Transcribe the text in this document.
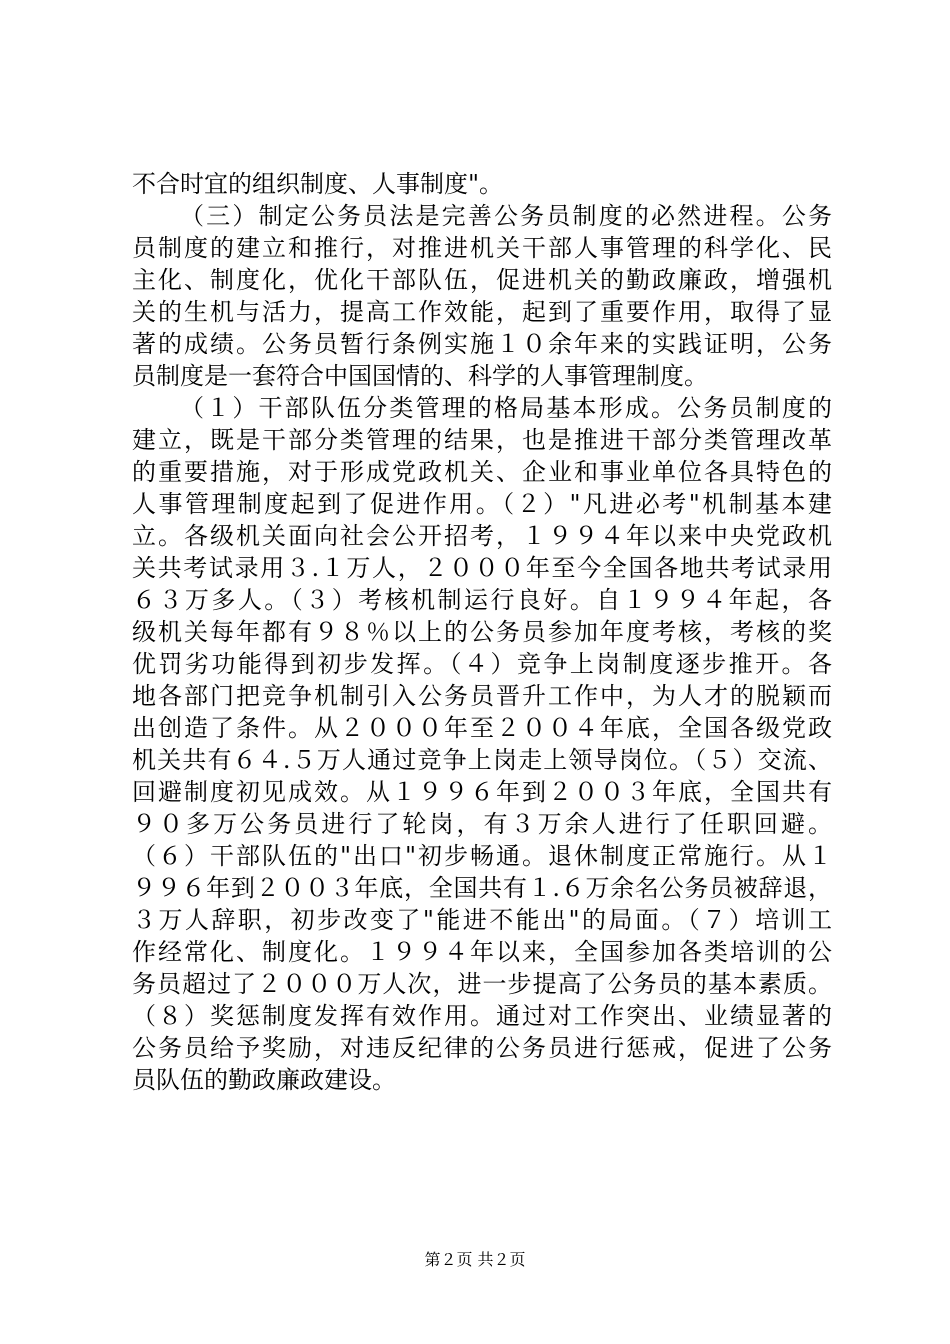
不合时宜的组织制度、人事制度"。
（三）制定公务员法是完善公务员制度的必然进程。公务
员制度的建立和推行，对推进机关干部人事管理的科学化、民
主化、制度化，优化干部队伍，促进机关的勤政廉政，增强机
关的生机与活力，提高工作效能，起到了重要作用，取得了显
著的成绩。公务员暂行条例实施１０余年来的实践证明，公务
员制度是一套符合中国国情的、科学的人事管理制度。
（１）干部队伍分类管理的格局基本形成。公务员制度的
建立，既是干部分类管理的结果，也是推进干部分类管理改革
的重要措施，对于形成党政机关、企业和事业单位各具特色的
人事管理制度起到了促进作用。（２）"凡进必考"机制基本建
立。各级机关面向社会公开招考，１９９４年以来中央党政机
关共考试录用３.１万人，２０００年至今全国各地共考试录用
６３万多人。（３）考核机制运行良好。自１９９４年起，各
级机关每年都有９８％以上的公务员参加年度考核，考核的奖
优罚劣功能得到初步发挥。（４）竞争上岗制度逐步推开。各
地各部门把竞争机制引入公务员晋升工作中，为人才的脱颖而
出创造了条件。从２０００年至２００４年底，全国各级党政
机关共有６４.５万人通过竞争上岗走上领导岗位。（５）交流、
回避制度初见成效。从１９９６年到２００３年底，全国共有
９０多万公务员进行了轮岗，有３万余人进行了任职回避。
（６）干部队伍的"出口"初步畅通。退休制度正常施行。从１
９９６年到２００３年底，全国共有１.６万余名公务员被辞退，
３万人辞职，初步改变了"能进不能出"的局面。（７）培训工
作经常化、制度化。１９９４年以来，全国参加各类培训的公
务员超过了２０００万人次，进一步提高了公务员的基本素质。
（８）奖惩制度发挥有效作用。通过对工作突出、业绩显著的
公务员给予奖励，对违反纪律的公务员进行惩戒，促进了公务
员队伍的勤政廉政建设。
第２页 共２页
